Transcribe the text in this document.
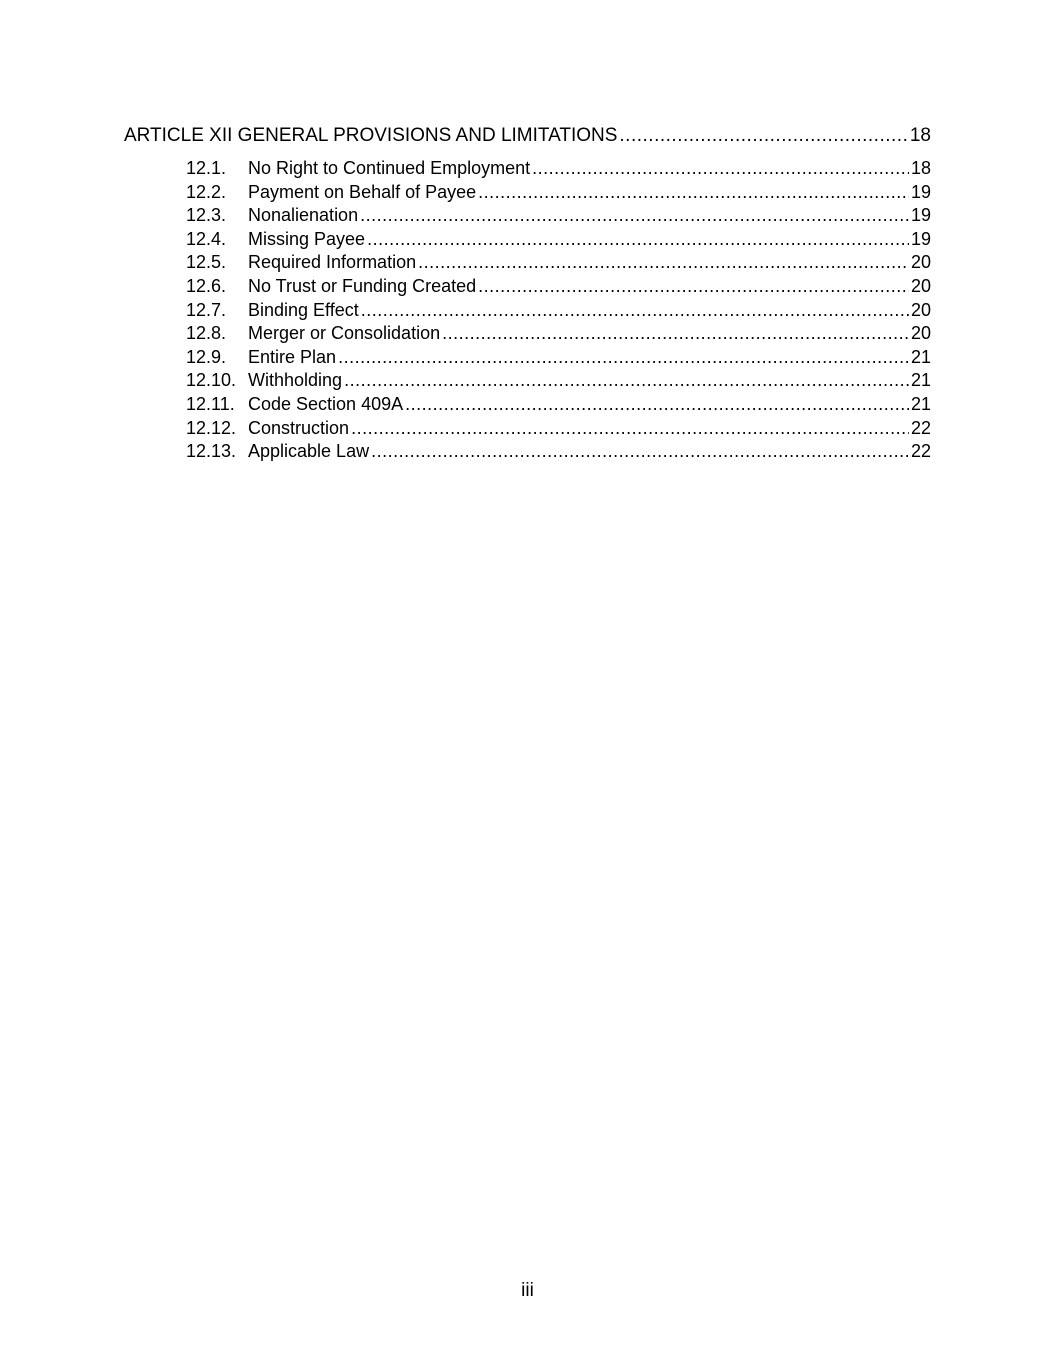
ARTICLE XII GENERAL PROVISIONS AND LIMITATIONS .....	18
12.1.	No Right to Continued Employment .....	18
12.2.	Payment on Behalf of Payee .....	19
12.3.	Nonalienation .....	19
12.4.	Missing Payee .....	19
12.5.	Required Information .....	20
12.6.	No Trust or Funding Created .....	20
12.7.	Binding Effect .....	20
12.8.	Merger or Consolidation .....	20
12.9.	Entire Plan .....	21
12.10. Withholding .....	21
12.11. Code Section 409A .....	21
12.12. Construction .....	22
12.13. Applicable Law .....	22
iii
